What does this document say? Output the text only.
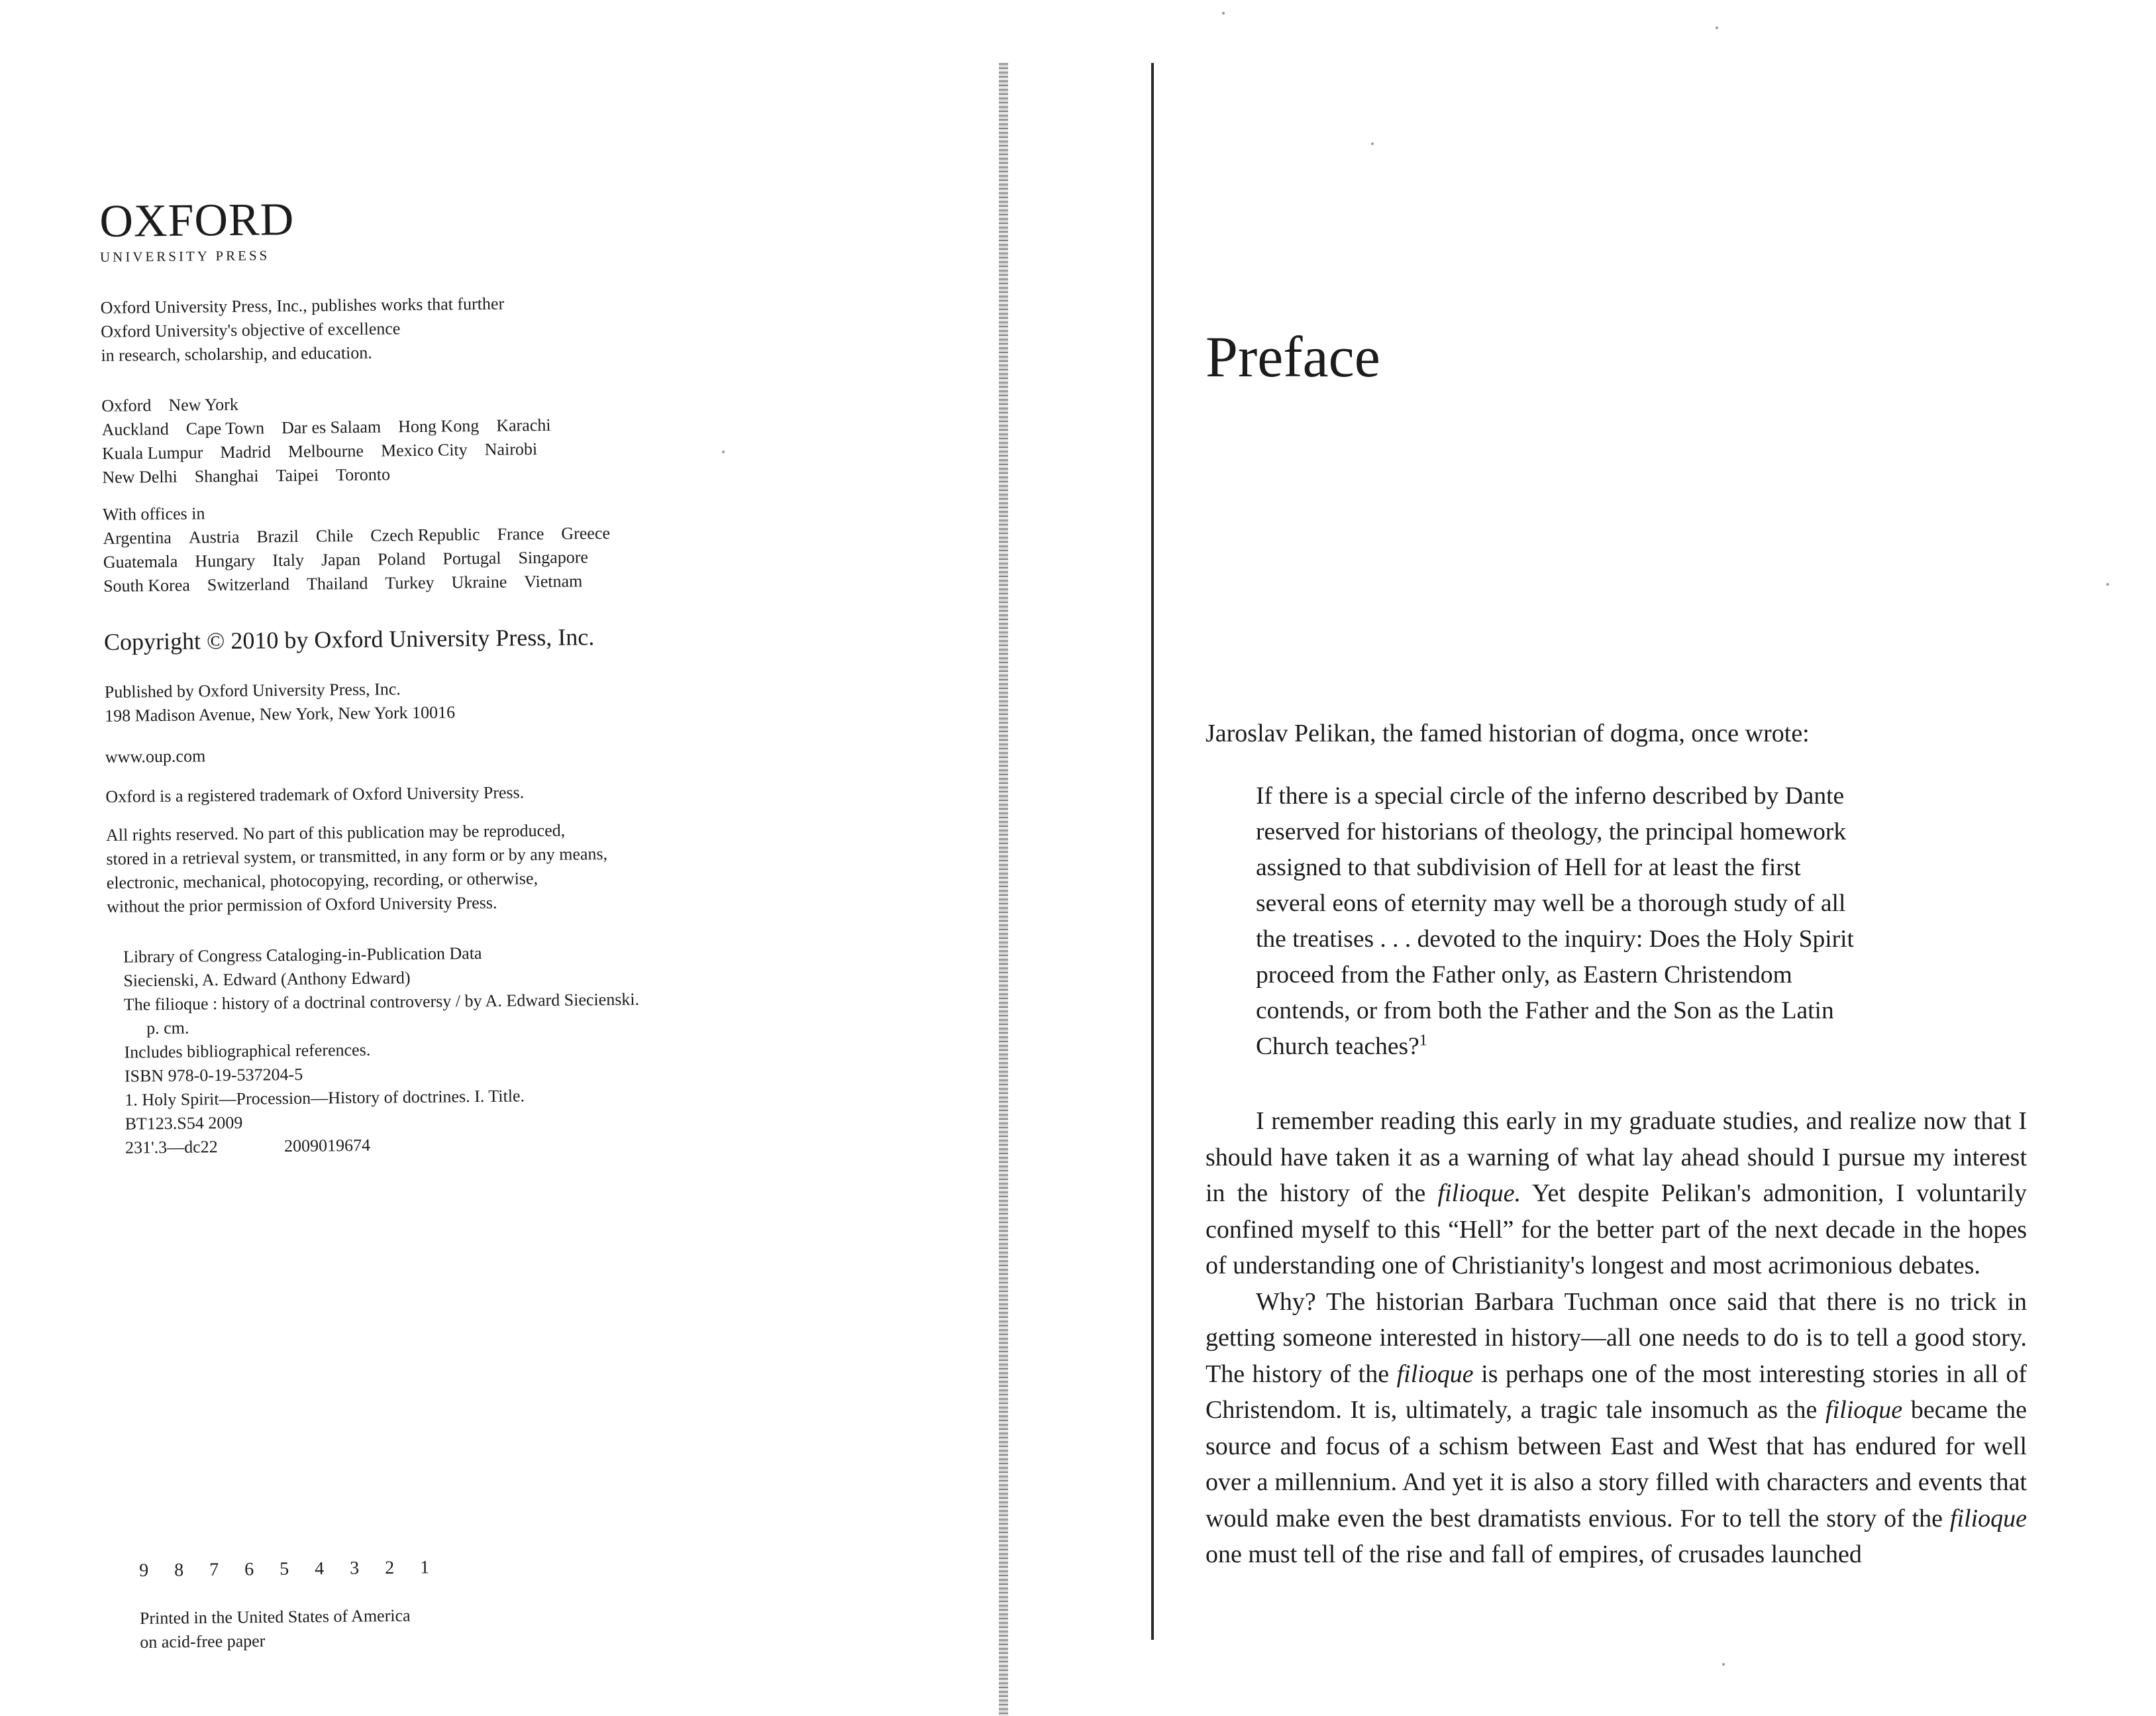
OXFORD
UNIVERSITY PRESS
Oxford University Press, Inc., publishes works that further
Oxford University's objective of excellence
in research, scholarship, and education.
Oxford New York
Auckland Cape Town Dar es Salaam Hong Kong Karachi
Kuala Lumpur Madrid Melbourne Mexico City Nairobi
New Delhi Shanghai Taipei Toronto
With offices in
Argentina Austria Brazil Chile Czech Republic France Greece
Guatemala Hungary Italy Japan Poland Portugal Singapore
South Korea Switzerland Thailand Turkey Ukraine Vietnam
Copyright © 2010 by Oxford University Press, Inc.
Published by Oxford University Press, Inc.
198 Madison Avenue, New York, New York 10016
www.oup.com
Oxford is a registered trademark of Oxford University Press.
All rights reserved. No part of this publication may be reproduced,
stored in a retrieval system, or transmitted, in any form or by any means,
electronic, mechanical, photocopying, recording, or otherwise,
without the prior permission of Oxford University Press.
Library of Congress Cataloging-in-Publication Data
Siecienski, A. Edward (Anthony Edward)
The filioque : history of a doctrinal controversy / by A. Edward Siecienski.
p. cm.
Includes bibliographical references.
ISBN 978-0-19-537204-5
1. Holy Spirit—Procession—History of doctrines. I. Title.
BT123.S54 2009
231'.3—dc22	2009019674
9 8 7 6 5 4 3 2 1
Printed in the United States of America
on acid-free paper
Preface
Jaroslav Pelikan, the famed historian of dogma, once wrote:
If there is a special circle of the inferno described by Dante
reserved for historians of theology, the principal homework
assigned to that subdivision of Hell for at least the first
several eons of eternity may well be a thorough study of all
the treatises . . . devoted to the inquiry: Does the Holy Spirit
proceed from the Father only, as Eastern Christendom
contends, or from both the Father and the Son as the Latin
Church teaches?$^1$

I remember reading this early in my graduate studies, and realize now that I should have taken it as a warning of what lay ahead should I pursue my interest in the history of the filioque. Yet despite Pelikan's admonition, I voluntarily confined myself to this “Hell” for the better part of the next decade in the hopes of understanding one of Christianity's longest and most acrimonious debates.

Why? The historian Barbara Tuchman once said that there is no trick in getting someone interested in history—all one needs to do is to tell a good story. The history of the filioque is perhaps one of the most interesting stories in all of Christendom. It is, ultimately, a tragic tale insomuch as the filioque became the source and focus of a schism between East and West that has endured for well over a millennium. And yet it is also a story filled with characters and events that would make even the best dramatists envious. For to tell the story of the filioque one must tell of the rise and fall of empires, of crusades launched
